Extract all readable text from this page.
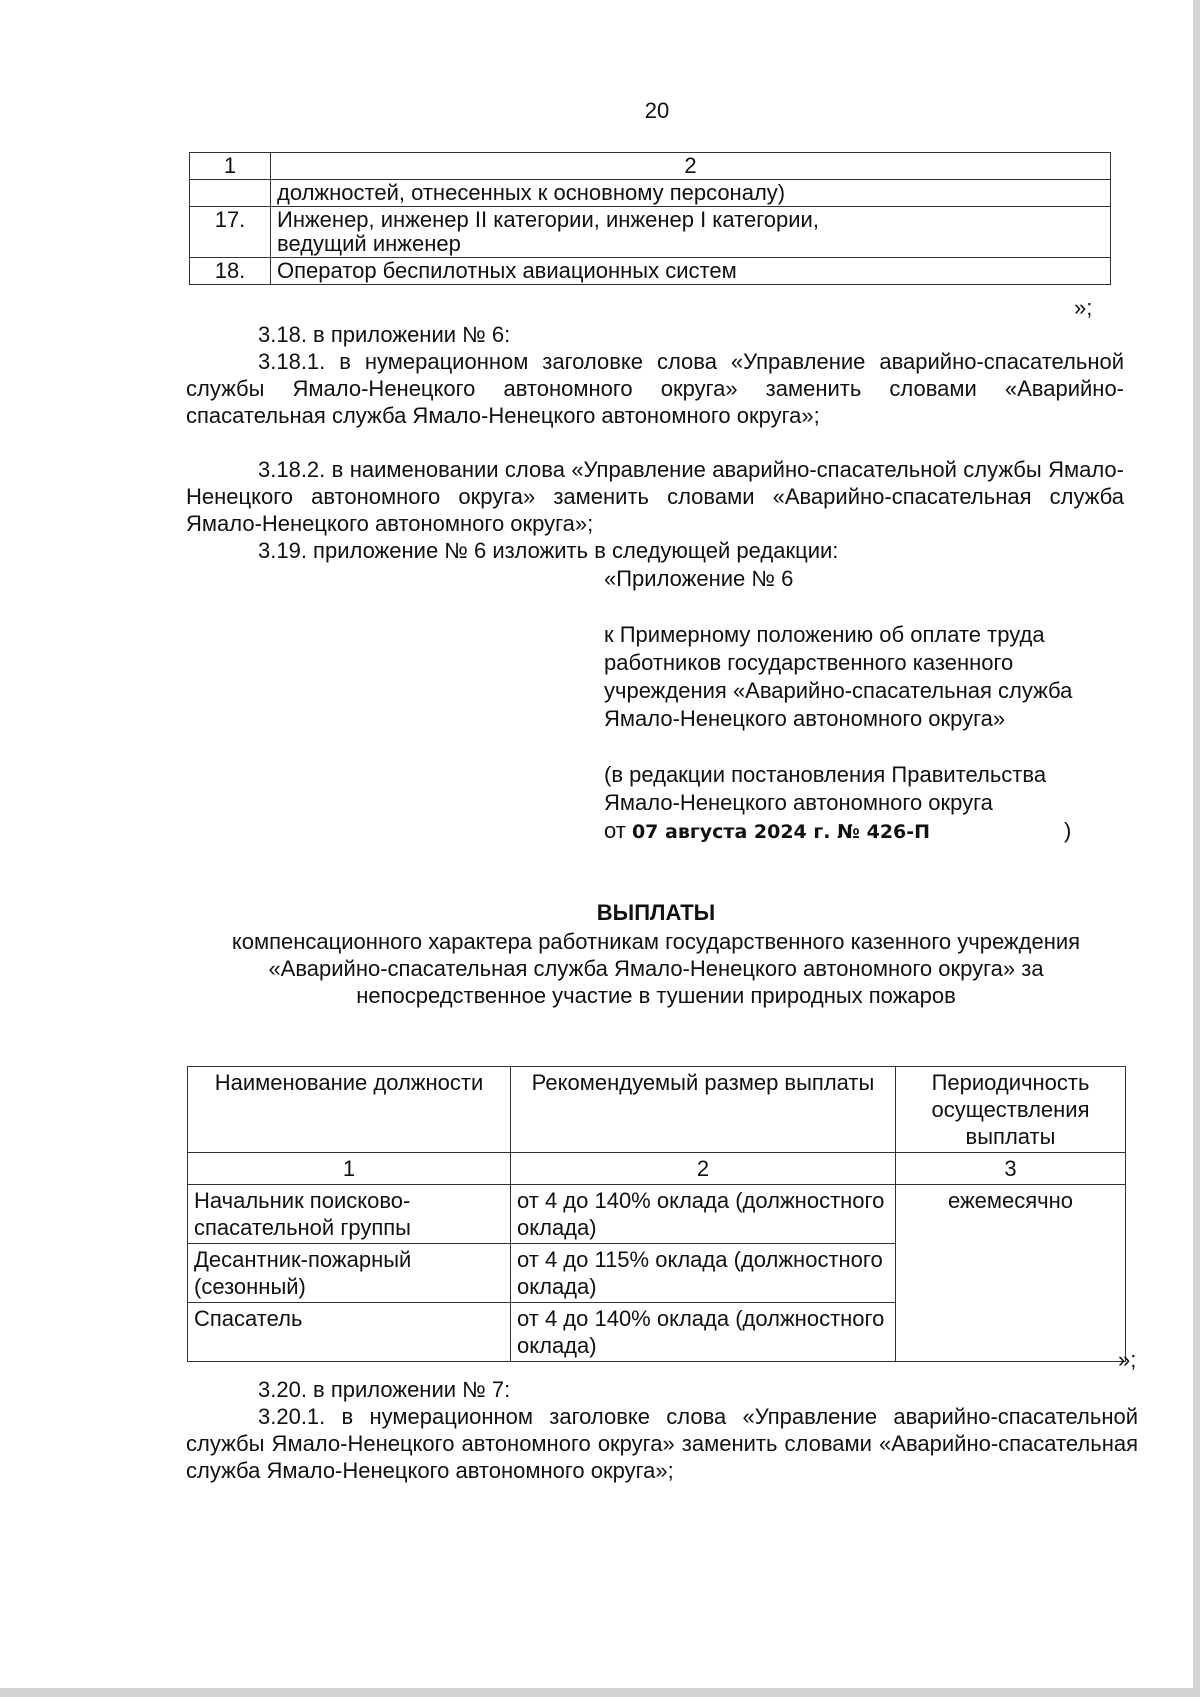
20
1	2
	должностей, отнесенных к основному персоналу)
17.	Инженер, инженер II категории, инженер I категории, ведущий инженер

18.	Оператор беспилотных авиационных систем
»;
3.18. в приложении № 6:
3.18.1. в нумерационном заголовке слова «Управление аварийно-спасательной службы Ямало-Ненецкого автономного округа» заменить словами «Аварийно-спасательная служба Ямало-Ненецкого автономного округа»;
3.18.2. в наименовании слова «Управление аварийно-спасательной службы Ямало-Ненецкого автономного округа» заменить словами «Аварийно-спасательная служба Ямало-Ненецкого автономного округа»;
3.19. приложение № 6 изложить в следующей редакции:
«Приложение № 6
к Примерному положению об оплате труда работников государственного казенного учреждения «Аварийно-спасательная служба Ямало-Ненецкого автономного округа»
(в редакции постановления Правительства Ямало-Ненецкого автономного округа
от 07 августа 2024 г. № 426-П	)
ВЫПЛАТЫ
компенсационного характера работникам государственного казенного учреждения «Аварийно-спасательная служба Ямало-Ненецкого автономного округа» за непосредственное участие в тушении природных пожаров
Наименование должности	Рекомендуемый размер выплаты	Периодичность осуществления выплаты
1	2	3
Начальник поисково-спасательной группы	от 4 до 140% оклада (должностного оклада)	ежемесячно
Десантник-пожарный (сезонный)	от 4 до 115% оклада (должностного оклада)	
Спасатель	от 4 до 140% оклада (должностного оклада)	
»;
3.20. в приложении № 7:
3.20.1. в нумерационном заголовке слова «Управление аварийно-спасательной службы Ямало-Ненецкого автономного округа» заменить словами «Аварийно-спасательная служба Ямало-Ненецкого автономного округа»;
